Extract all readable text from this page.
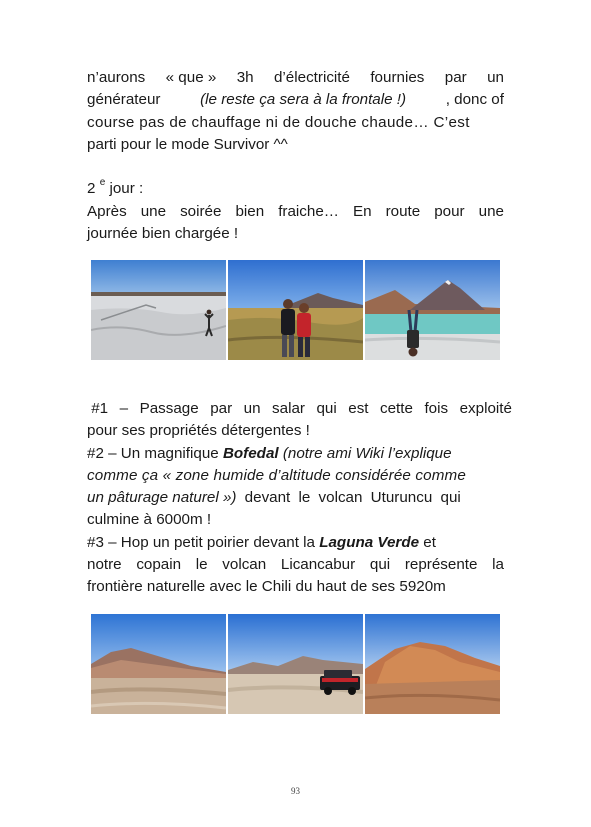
n’aurons « que » 3h d’électricité fournies par un
générateur	(le reste ça sera à la frontale !)	, donc of
course pas de chauffage ni de douche chaude… C’est
parti pour le mode Survivor ^^
2 $^e$ jour :
Après une soirée bien fraiche… En route pour une
journée bien chargée !
#1 – Passage par un salar qui est cette fois exploité
pour ses propriétés détergentes !
#2 – Un magnifique Bofedal (notre ami Wiki l’explique
comme ça « zone humide d’altitude considérée comme
un pâturage naturel ») devant le volcan Uturuncu qui
culmine à 6000m !
#3 – Hop un petit poirier devant la Laguna Verde et
notre copain le volcan Licancabur qui représente la
frontière naturelle avec le Chili du haut de ses 5920m
93
